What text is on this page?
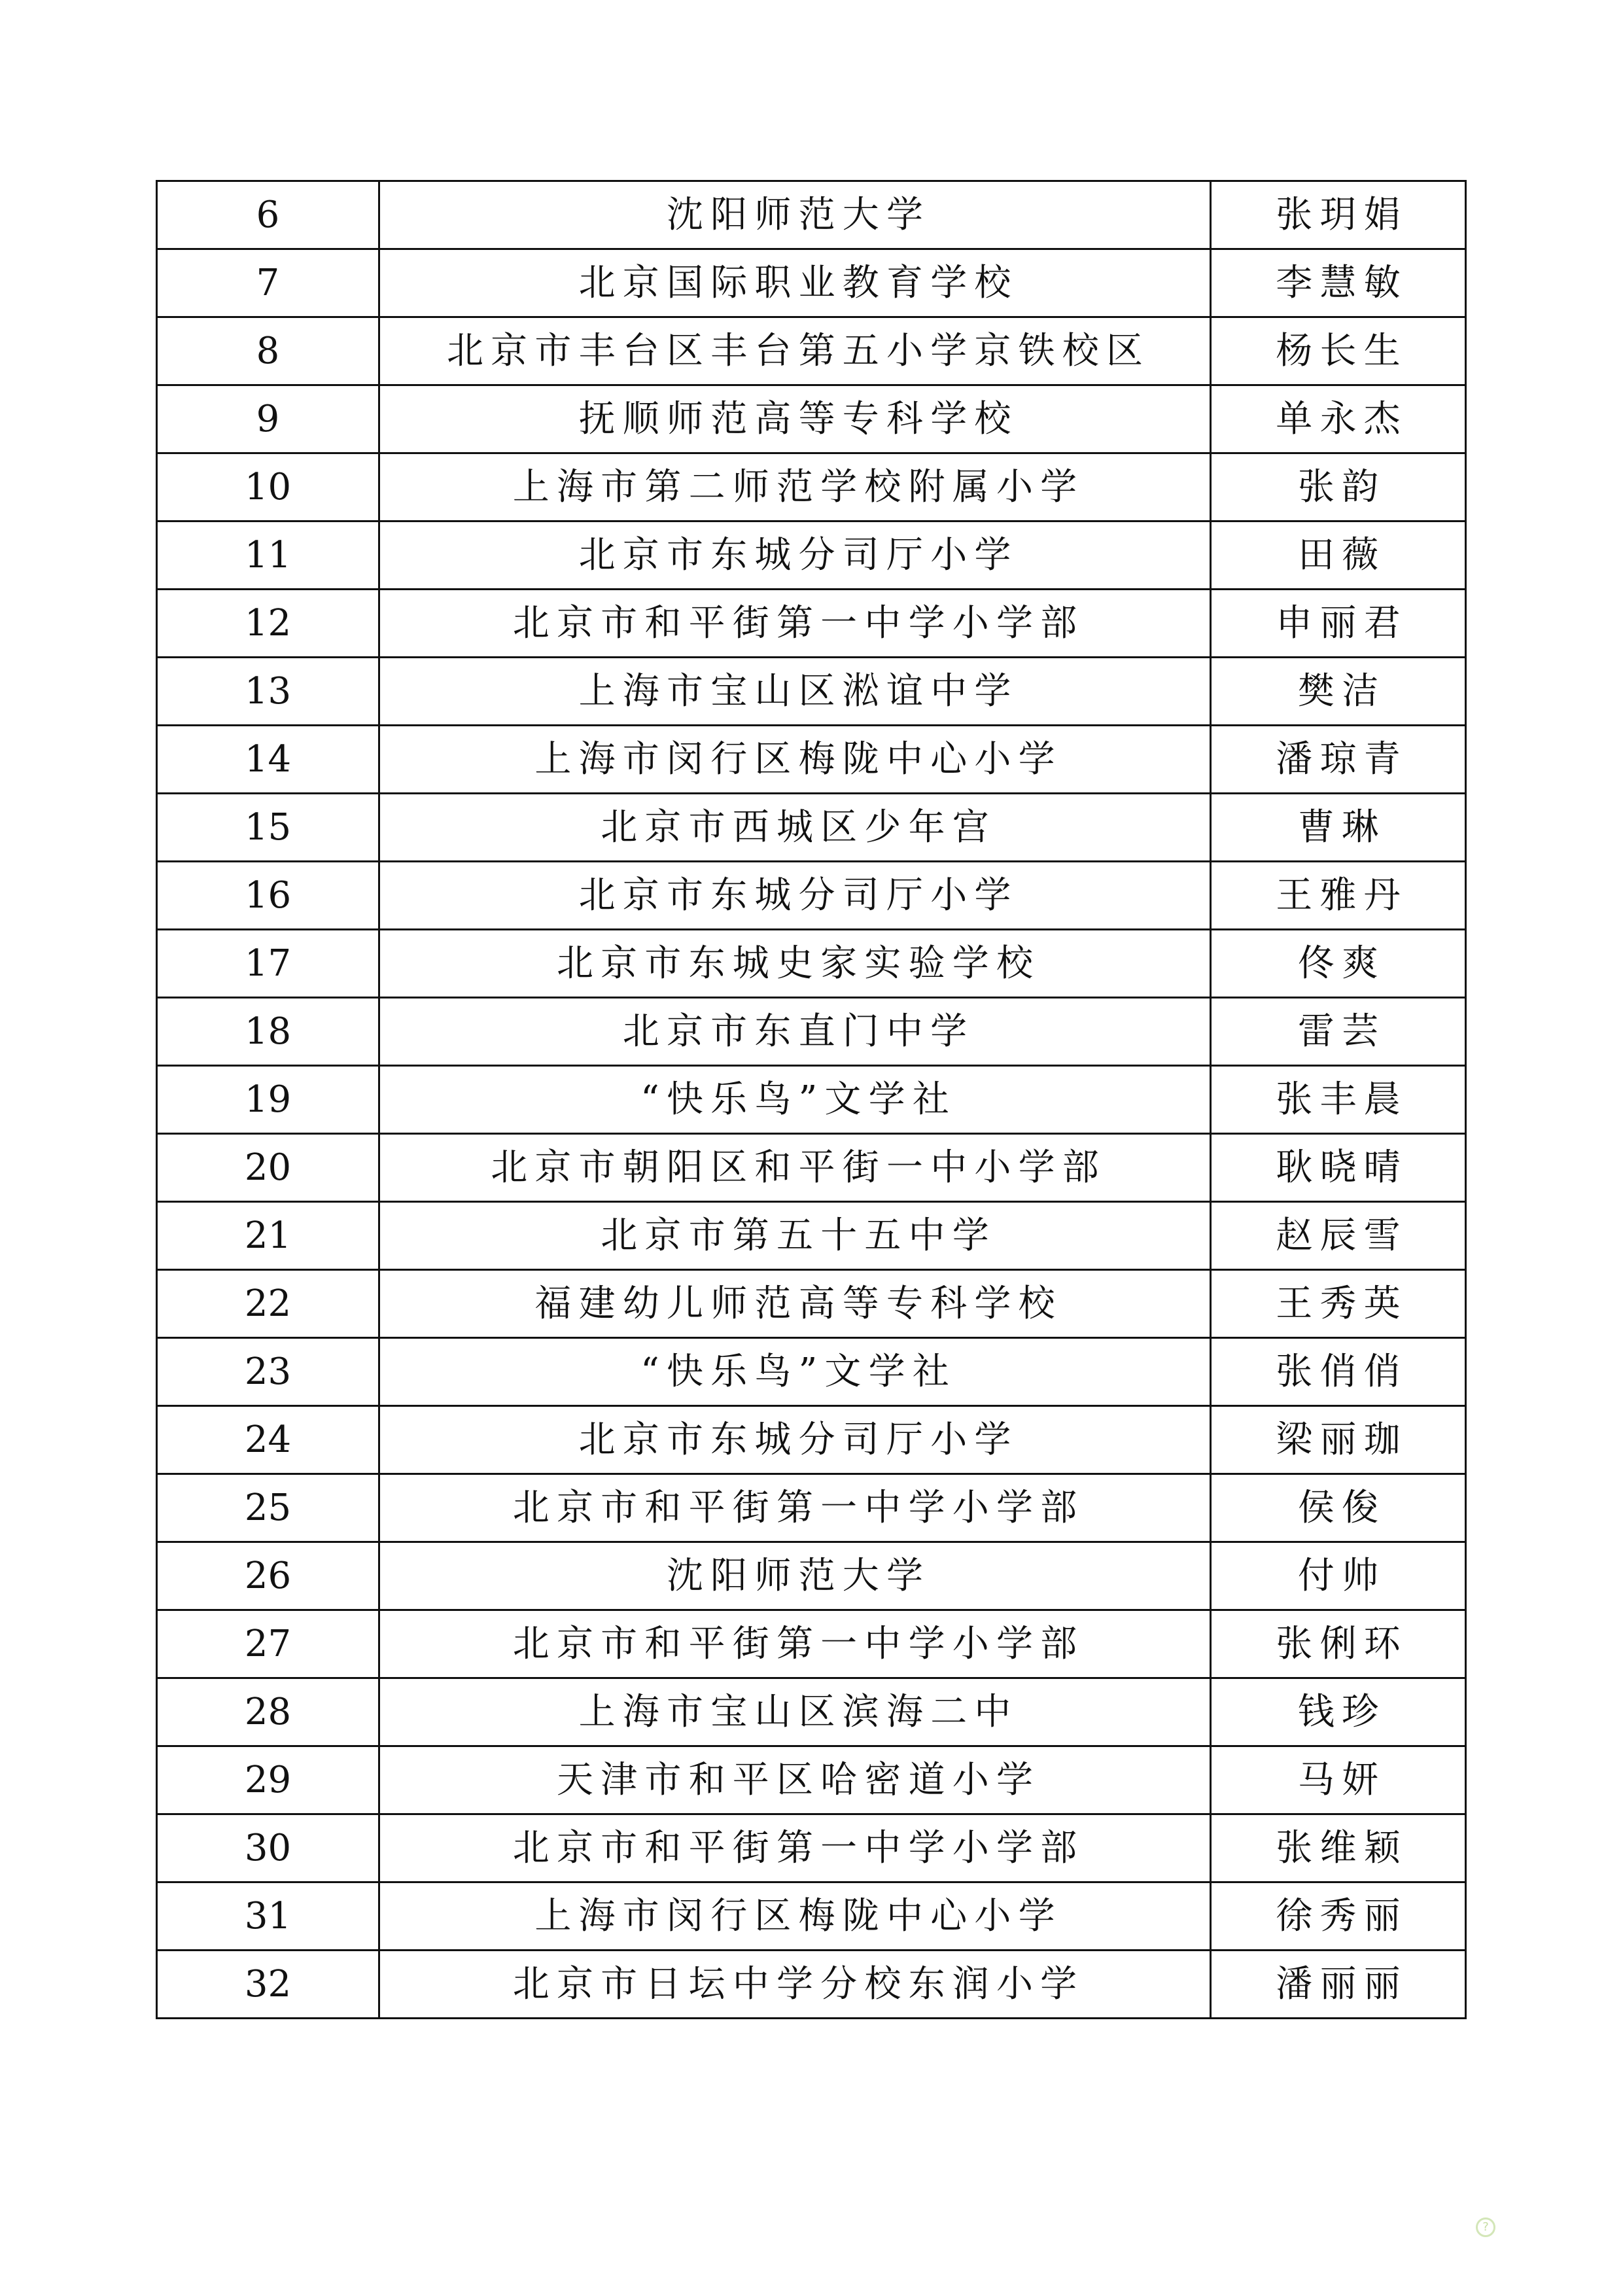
6	沈阳师范大学	张玥娟
7	北京国际职业教育学校	李慧敏
8	北京市丰台区丰台第五小学京铁校区	杨长生
9	抚顺师范高等专科学校	单永杰
10	上海市第二师范学校附属小学	张韵
11	北京市东城分司厅小学	田薇
12	北京市和平街第一中学小学部	申丽君
13	上海市宝山区淞谊中学	樊洁
14	上海市闵行区梅陇中心小学	潘琼青
15	北京市西城区少年宫	曹琳
16	北京市东城分司厅小学	王雅丹
17	北京市东城史家实验学校	佟爽
18	北京市东直门中学	雷芸
19	“快乐鸟”文学社	张丰晨
20	北京市朝阳区和平街一中小学部	耿晓晴
21	北京市第五十五中学	赵辰雪
22	福建幼儿师范高等专科学校	王秀英
23	“快乐鸟”文学社	张俏俏
24	北京市东城分司厅小学	梁丽珈
25	北京市和平街第一中学小学部	侯俊
26	沈阳师范大学	付帅
27	北京市和平街第一中学小学部	张俐环
28	上海市宝山区滨海二中	钱珍
29	天津市和平区哈密道小学	马妍
30	北京市和平街第一中学小学部	张维颖
31	上海市闵行区梅陇中心小学	徐秀丽
32	北京市日坛中学分校东润小学	潘丽丽
?
